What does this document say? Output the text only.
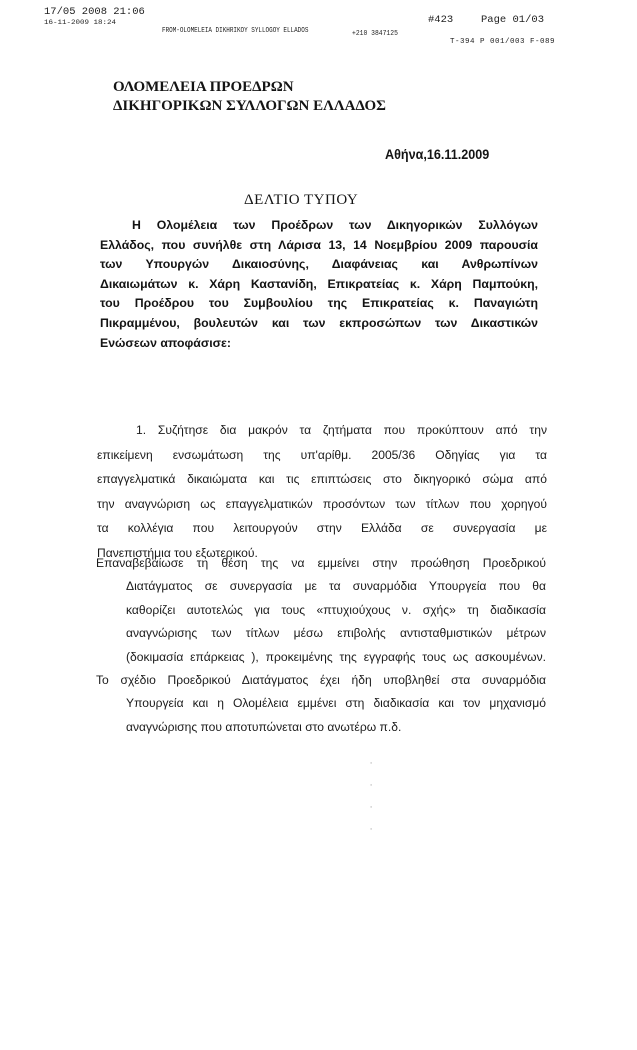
17/05 2008 21:06
16-11-2009 18:24
FROM-OLOMELEIA DIKHRIKOY SYLLOGOY ELLADOS	+210 3847125
#423	Page 01/03
T-394 P 001/003 F-089
ΟΛΟΜΕΛΕΙΑ ΠΡΟΕΔΡΩΝ
ΔΙΚΗΓΟΡΙΚΩΝ ΣΥΛΛΟΓΩΝ ΕΛΛΑΔΟΣ
Αθήνα,16.11.2009
ΔΕΛΤΙΟ ΤΥΠΟΥ
Η Ολομέλεια των Προέδρων των Δικηγορικών Συλλόγων
Ελλάδος, που συνήλθε στη Λάρισα 13, 14 Νοεμβρίου 2009 παρουσία
των Υπουργών Δικαιοσύνης, Διαφάνειας και Ανθρωπίνων
Δικαιωμάτων κ. Χάρη Καστανίδη, Επικρατείας κ. Χάρη Παμπούκη,
του Προέδρου του Συμβουλίου της Επικρατείας κ. Παναγιώτη
Πικραμμένου, βουλευτών και των εκπροσώπων των Δικαστικών
Ενώσεων αποφάσισε:
1. Συζήτησε δια μακρόν τα ζητήματα που προκύπτουν από την
επικείμενη ενσωμάτωση της υπ'αρίθμ. 2005/36 Οδηγίας για τα
επαγγελματικά δικαιώματα και τις επιπτώσεις στο δικηγορικό σώμα από
την αναγνώριση ως επαγγελματικών προσόντων των τίτλων που χορηγού
τα κολλέγια που λειτουργούν στην Ελλάδα σε συνεργασία με
Πανεπιστήμια του εξωτερικού.
Επαναβεβαίωσε τη θέση της να εμμείνει στην προώθηση Προεδρικού
Διατάγματος σε συνεργασία με τα συναρμόδια Υπουργεία που θα
καθορίζει αυτοτελώς για τους «πτυχιούχους ν. σχής» τη διαδικασία
αναγνώρισης των τίτλων μέσω επιβολής αντισταθμιστικών μέτρων
(δοκιμασία επάρκειας ), προκειμένης της εγγραφής τους ως ασκουμένων.
Το σχέδιο Προεδρικού Διατάγματος έχει ήδη υποβληθεί στα συναρμόδια
Υπουργεία και η Ολομέλεια εμμένει στη διαδικασία και τον μηχανισμό
αναγνώρισης που αποτυπώνεται στο ανωτέρω π.δ.
·
·
·
·
